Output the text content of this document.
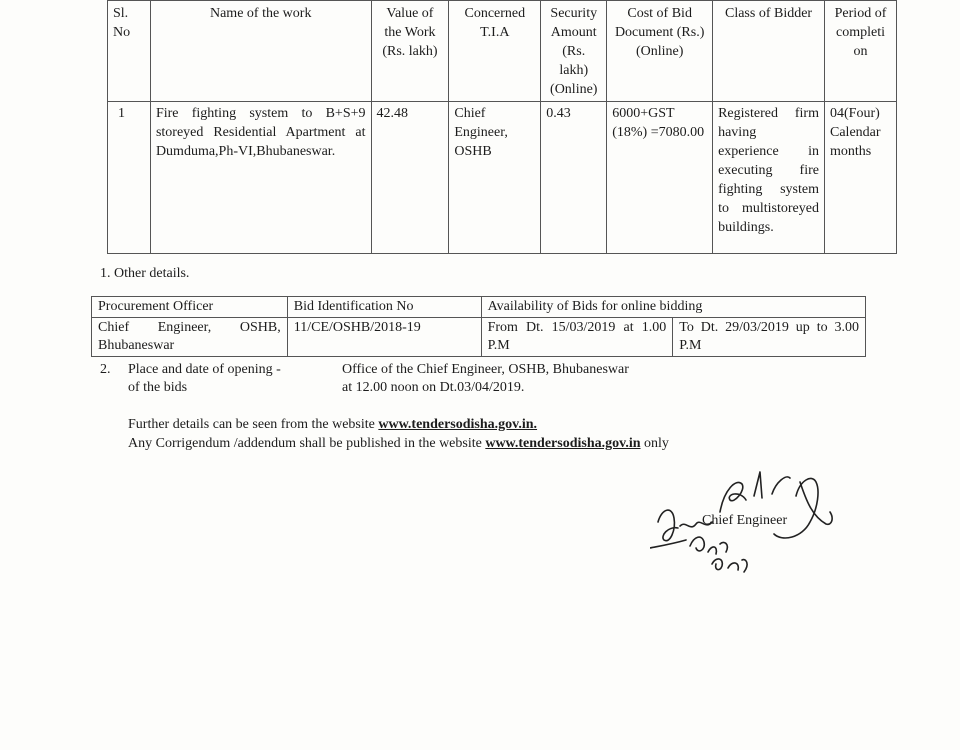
Sl. No	Name of the work	Value of the Work (Rs. lakh)	Concerned T.I.A	Security Amount (Rs. lakh) (Online)	Cost of Bid Document (Rs.) (Online)	Class of Bidder	Period of completi on
1	Fire fighting system to B+S+9 storeyed Residential Apartment at Dumduma,Ph-VI,Bhubaneswar.	42.48	Chief Engineer, OSHB	0.43	6000+GST (18%) =7080.00	Registered firm having experience in executing fire fighting system to multistoreyed buildings.	04(Four) Calendar months
1. Other details.
Procurement Officer	Bid Identification No	Availability of Bids for online bidding	
Chief Engineer, OSHB, Bhubaneswar	11/CE/OSHB/2018-19	From Dt. 15/03/2019 at 1.00 P.M	To Dt. 29/03/2019 up to 3.00 P.M
2. Place and date of opening -
of the bids
Office of the Chief Engineer, OSHB, Bhubaneswar
at 12.00 noon on Dt.03/04/2019.
Further details can be seen from the website www.tendersodisha.gov.in.
Any Corrigendum /addendum shall be published in the website www.tendersodisha.gov.in only
Chief Engineer
